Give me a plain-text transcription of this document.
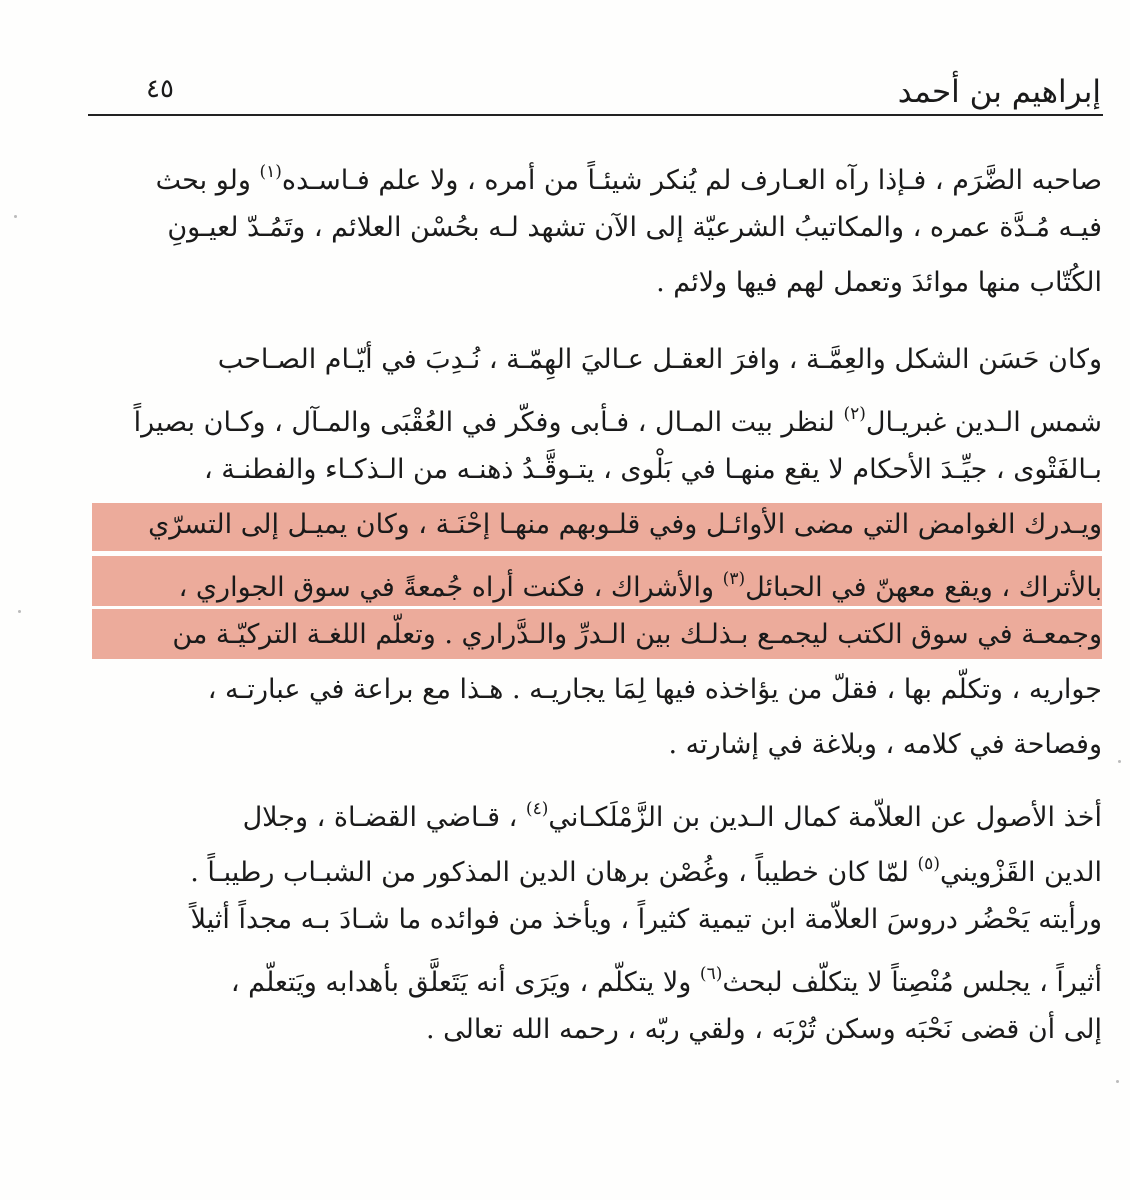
إبراهيم بن أحمد
٤٥
صاحبه الضَّرَم ، فـإذا رآه العـارف لم يُنكر شيئـاً من أمره ، ولا علم فـاسـده$^{(١)}$ ولو بحث
فيـه مُـدَّة عمره ، والمكاتيبُ الشرعيّة إلى الآن تشهد لـه بحُسْن العلائم ، وتَمُـدّ لعيـونِ
الكُتّاب منها موائدَ وتعمل لهم فيها ولائم .
وكان حَسَن الشكل والعِمَّـة ، وافرَ العقـل عـاليَ الهِمّـة ، نُـدِبَ في أيّـام الصـاحب
شمس الـدين غبريـال$^{(٢)}$ لنظر بيت المـال ، فـأبى وفكّر في العُقْبَى والمـآل ، وكـان بصيراً
بـالفَتْوى ، جيِّـدَ الأحكام لا يقع منهـا في بَلْوى ، يتـوقَّـدُ ذهنـه من الـذكـاء والفطنـة ،
ويـدرك الغوامض التي مضى الأوائـل وفي قلـوبهم منهـا إحْنَـة ، وكان يميـل إلى التسرّي
بالأتراك ، ويقع معهنّ في الحبائل$^{(٣)}$ والأشراك ، فكنت أراه جُمعةً في سوق الجواري ،
وجمعـة في سوق الكتب ليجمـع بـذلـك بين الـدرِّ والـدَّراري . وتعلّم اللغـة التركيّـة من
جواريه ، وتكلّم بها ، فقلّ من يؤاخذه فيها لِمَا يجاريـه . هـذا مع براعة في عبارتـه ،
وفصاحة في كلامه ، وبلاغة في إشارته .
أخذ الأصول عن العلاّمة كمال الـدين بن الزَّمْلَكـاني$^{(٤)}$ ، قـاضي القضـاة ، وجلال
الدين القَزْويني$^{(٥)}$ لمّا كان خطيباً ، وغُصْن برهان الدين المذكور من الشبـاب رطيبـاً .
ورأيته يَحْضُر دروسَ العلاّمة ابن تيمية كثيراً ، ويأخذ من فوائده ما شـادَ بـه مجداً أثيلاً
أثيراً ، يجلس مُنْصِتاً لا يتكلّف لبحث$^{(٦)}$ ولا يتكلّم ، ويَرَى أنه يَتَعلَّق بأهدابه ويَتعلّم ،
إلى أن قضى نَحْبَه وسكن تُرْبَه ، ولقي ربّه ، رحمه الله تعالى .
